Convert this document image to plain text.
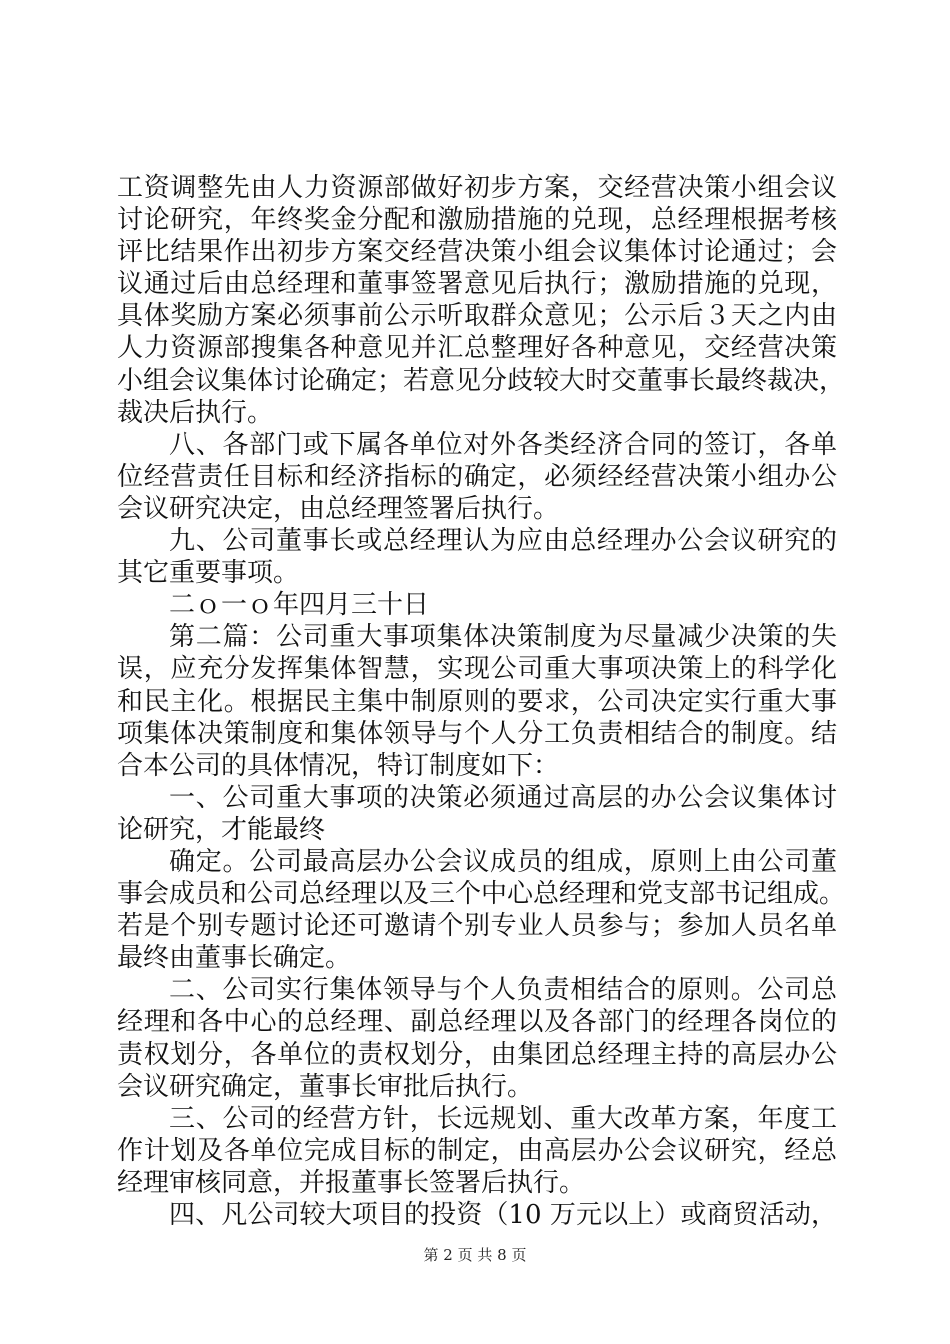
工资调整先由人力资源部做好初步方案，交经营决策小组会议
讨论研究，年终奖金分配和激励措施的兑现，总经理根据考核
评比结果作出初步方案交经营决策小组会议集体讨论通过；会
议通过后由总经理和董事签署意见后执行；激励措施的兑现，
具体奖励方案必须事前公示听取群众意见；公示后３天之内由
人力资源部搜集各种意见并汇总整理好各种意见，交经营决策
小组会议集体讨论确定；若意见分歧较大时交董事长最终裁决，
裁决后执行。
八、各部门或下属各单位对外各类经济合同的签订，各单
位经营责任目标和经济指标的确定，必须经经营决策小组办公
会议研究决定，由总经理签署后执行。
九、公司董事长或总经理认为应由总经理办公会议研究的
其它重要事项。
二ｏ一ｏ年四月三十日
第二篇：公司重大事项集体决策制度为尽量减少决策的失
误，应充分发挥集体智慧，实现公司重大事项决策上的科学化
和民主化。根据民主集中制原则的要求，公司决定实行重大事
项集体决策制度和集体领导与个人分工负责相结合的制度。结
合本公司的具体情况，特订制度如下：
一、公司重大事项的决策必须通过高层的办公会议集体讨
论研究，才能最终
确定。公司最高层办公会议成员的组成，原则上由公司董
事会成员和公司总经理以及三个中心总经理和党支部书记组成。
若是个别专题讨论还可邀请个别专业人员参与；参加人员名单
最终由董事长确定。
二、公司实行集体领导与个人负责相结合的原则。公司总
经理和各中心的总经理、副总经理以及各部门的经理各岗位的
责权划分，各单位的责权划分，由集团总经理主持的高层办公
会议研究确定，董事长审批后执行。
三、公司的经营方针，长远规划、重大改革方案，年度工
作计划及各单位完成目标的制定，由高层办公会议研究，经总
经理审核同意，并报董事长签署后执行。
四、凡公司较大项目的投资（10 万元以上）或商贸活动，
第 2 页 共 8 页
